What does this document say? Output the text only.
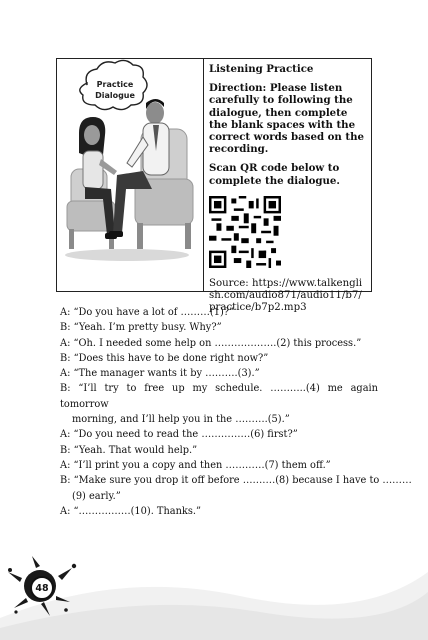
Practice
Dialogue

Listening Practice

Direction: Please listen carefully to following the dialogue, then complete the blank spaces with the correct words based on the recording.

Scan QR code below to complete the dialogue.

Source: https://www.talkenglish.com/audio871/audio11/b7/practice/b7p2.mp3

A: “Do you have a lot of ………(1)?”
B: “Yeah. I’m pretty busy. Why?”
A: “Oh. I needed some help on ……………….(2) this process.”
B: “Does this have to be done right now?”
A: “The manager wants it by ……….(3).”
B: “I’ll try to free up my schedule. ………..(4) me again tomorrow
morning, and I’ll help you in the ……….(5).”
A: “Do you need to read the ……………(6) first?”
B: “Yeah. That would help.”
A: “I’ll print you a copy and then …………(7) them off.”
B: “Make sure you drop it off before ……….(8) because I have to ………
(9) early.”
A: “…………….(10). Thanks.”
48
